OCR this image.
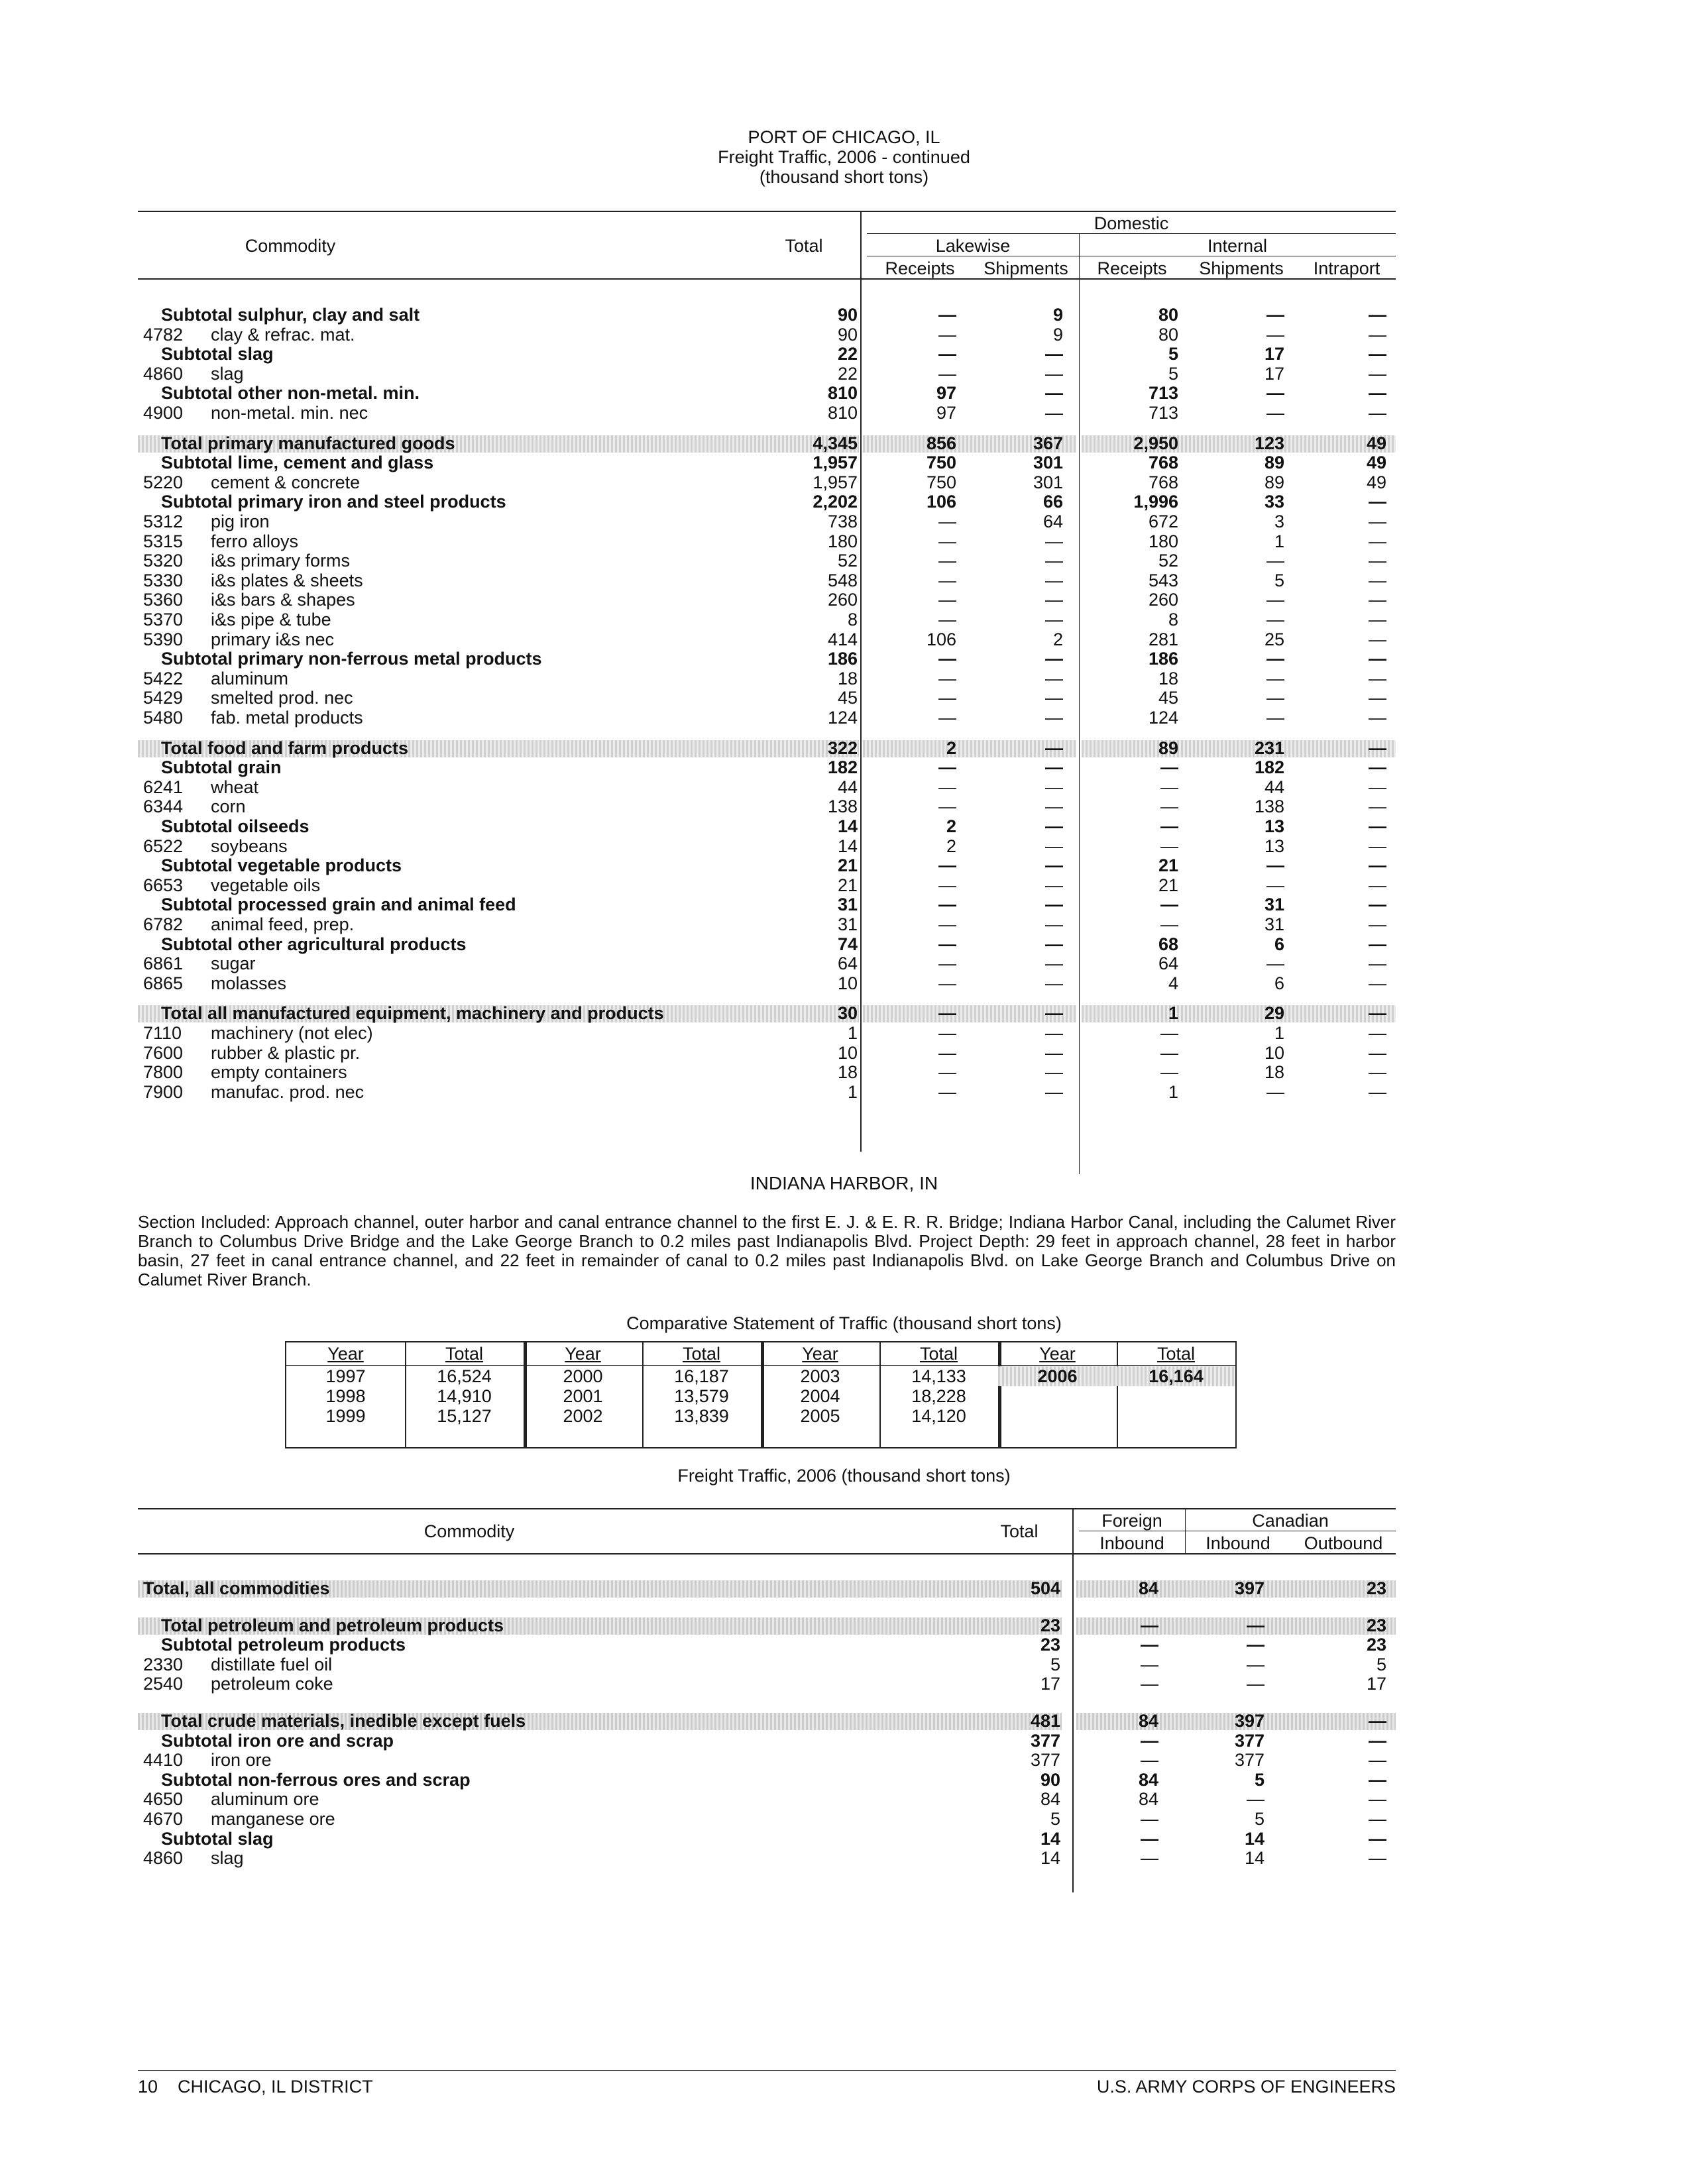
PORT OF CHICAGO, IL
Freight Traffic, 2006 - continued
(thousand short tons)
Commodity	Total
Domestic
Lakewise	Internal
Receipts	Shipments	Receipts	Shipments	Intraport
Subtotal sulphur, clay and salt	90	—	9	80	—	—
4782 clay & refrac. mat.	90	—	9	80	—	—
Subtotal slag	22	—	—	5	17	—
4860 slag	22	—	—	5	17	—
Subtotal other non-metal. min.	810	97	—	713	—	—
4900 non-metal. min. nec	810	97	—	713	—	—
Total primary manufactured goods	4,345	856	367	2,950	123	49
Subtotal lime, cement and glass	1,957	750	301	768	89	49
5220 cement & concrete	1,957	750	301	768	89	49
Subtotal primary iron and steel products	2,202	106	66	1,996	33	—
5312 pig iron	738	—	64	672	3	—
5315 ferro alloys	180	—	—	180	1	—
5320 i&s primary forms	52	—	—	52	—	—
5330 i&s plates & sheets	548	—	—	543	5	—
5360 i&s bars & shapes	260	—	—	260	—	—
5370 i&s pipe & tube	8	—	—	8	—	—
5390 primary i&s nec	414	106	2	281	25	—
Subtotal primary non-ferrous metal products	186	—	—	186	—	—
5422 aluminum	18	—	—	18	—	—
5429 smelted prod. nec	45	—	—	45	—	—
5480 fab. metal products	124	—	—	124	—	—
Total food and farm products	322	2	—	89	231	—
Subtotal grain	182	—	—	—	182	—
6241 wheat	44	—	—	—	44	—
6344 corn	138	—	—	—	138	—
Subtotal oilseeds	14	2	—	—	13	—
6522 soybeans	14	2	—	—	13	—
Subtotal vegetable products	21	—	—	21	—	—
6653 vegetable oils	21	—	—	21	—	—
Subtotal processed grain and animal feed	31	—	—	—	31	—
6782 animal feed, prep.	31	—	—	—	31	—
Subtotal other agricultural products	74	—	—	68	6	—
6861 sugar	64	—	—	64	—	—
6865 molasses	10	—	—	4	6	—
Total all manufactured equipment, machinery and products	30	—	—	1	29	—
7110 machinery (not elec)	1	—	—	—	1	—
7600 rubber & plastic pr.	10	—	—	—	10	—
7800 empty containers	18	—	—	—	18	—
7900 manufac. prod. nec	1	—	—	1	—	—
INDIANA HARBOR, IN
Section Included: Approach channel, outer harbor and canal entrance channel to the first E. J. & E. R. R. Bridge; Indiana Harbor Canal, including the Calumet River Branch to Columbus Drive Bridge and the Lake George Branch to 0.2 miles past Indianapolis Blvd. Project Depth: 29 feet in approach channel, 28 feet in harbor basin, 27 feet in canal entrance channel, and 22 feet in remainder of canal to 0.2 miles past Indianapolis Blvd. on Lake George Branch and Columbus Drive on Calumet River Branch.
Comparative Statement of Traffic (thousand short tons)
Year	Total
1997	16,524
1998	14,910
1999	15,127
Year	Total
2000	16,187
2001	13,579
2002	13,839
Year	Total
2003	14,133
2004	18,228
2005	14,120
Year	Total
2006	16,164
Freight Traffic, 2006 (thousand short tons)
Commodity	Total
Foreign	Canadian
Inbound	Inbound	Outbound
Total, all commodities	504	84	397	23
Total petroleum and petroleum products	23	—	—	23
Subtotal petroleum products	23	—	—	23
2330 distillate fuel oil	5	—	—	5
2540 petroleum coke	17	—	—	17
Total crude materials, inedible except fuels	481	84	397	—
Subtotal iron ore and scrap	377	—	377	—
4410 iron ore	377	—	377	—
Subtotal non-ferrous ores and scrap	90	84	5	—
4650 aluminum ore	84	84	—	—
4670 manganese ore	5	—	5	—
Subtotal slag	14	—	14	—
4860 slag	14	—	14	—
10    CHICAGO, IL DISTRICT	U.S. ARMY CORPS OF ENGINEERS
